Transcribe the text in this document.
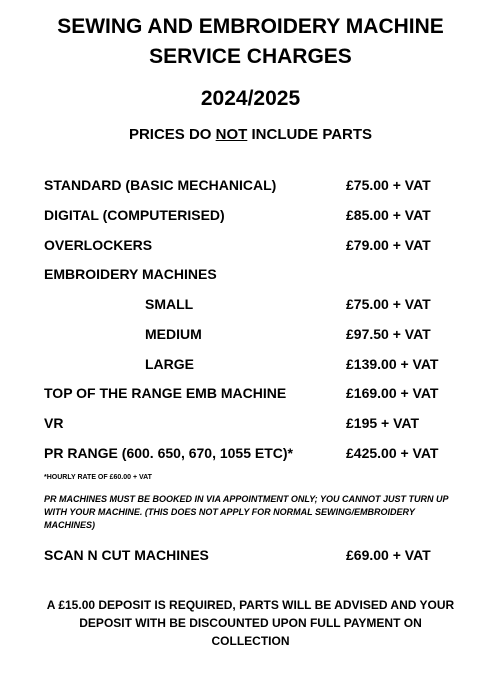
SEWING AND EMBROIDERY MACHINE
SERVICE CHARGES
2024/2025
PRICES DO NOT INCLUDE PARTS
STANDARD (BASIC MECHANICAL)	£75.00 + VAT
DIGITAL (COMPUTERISED)	£85.00 + VAT
OVERLOCKERS	£79.00 + VAT
EMBROIDERY MACHINES
SMALL	£75.00 + VAT
MEDIUM	£97.50 + VAT
LARGE	£139.00 + VAT
TOP OF THE RANGE EMB MACHINE	£169.00 + VAT
VR	£195 + VAT
PR RANGE (600. 650, 670, 1055 ETC)*	£425.00 + VAT
*HOURLY RATE OF £60.00 + VAT
PR MACHINES MUST BE BOOKED IN VIA APPOINTMENT ONLY; YOU CANNOT JUST TURN UP WITH YOUR MACHINE. (THIS DOES NOT APPLY FOR NORMAL SEWING/EMBROIDERY MACHINES)
SCAN N CUT MACHINES	£69.00 + VAT
A £15.00 DEPOSIT IS REQUIRED, PARTS WILL BE ADVISED AND YOUR DEPOSIT WITH BE DISCOUNTED UPON FULL PAYMENT ON COLLECTION
